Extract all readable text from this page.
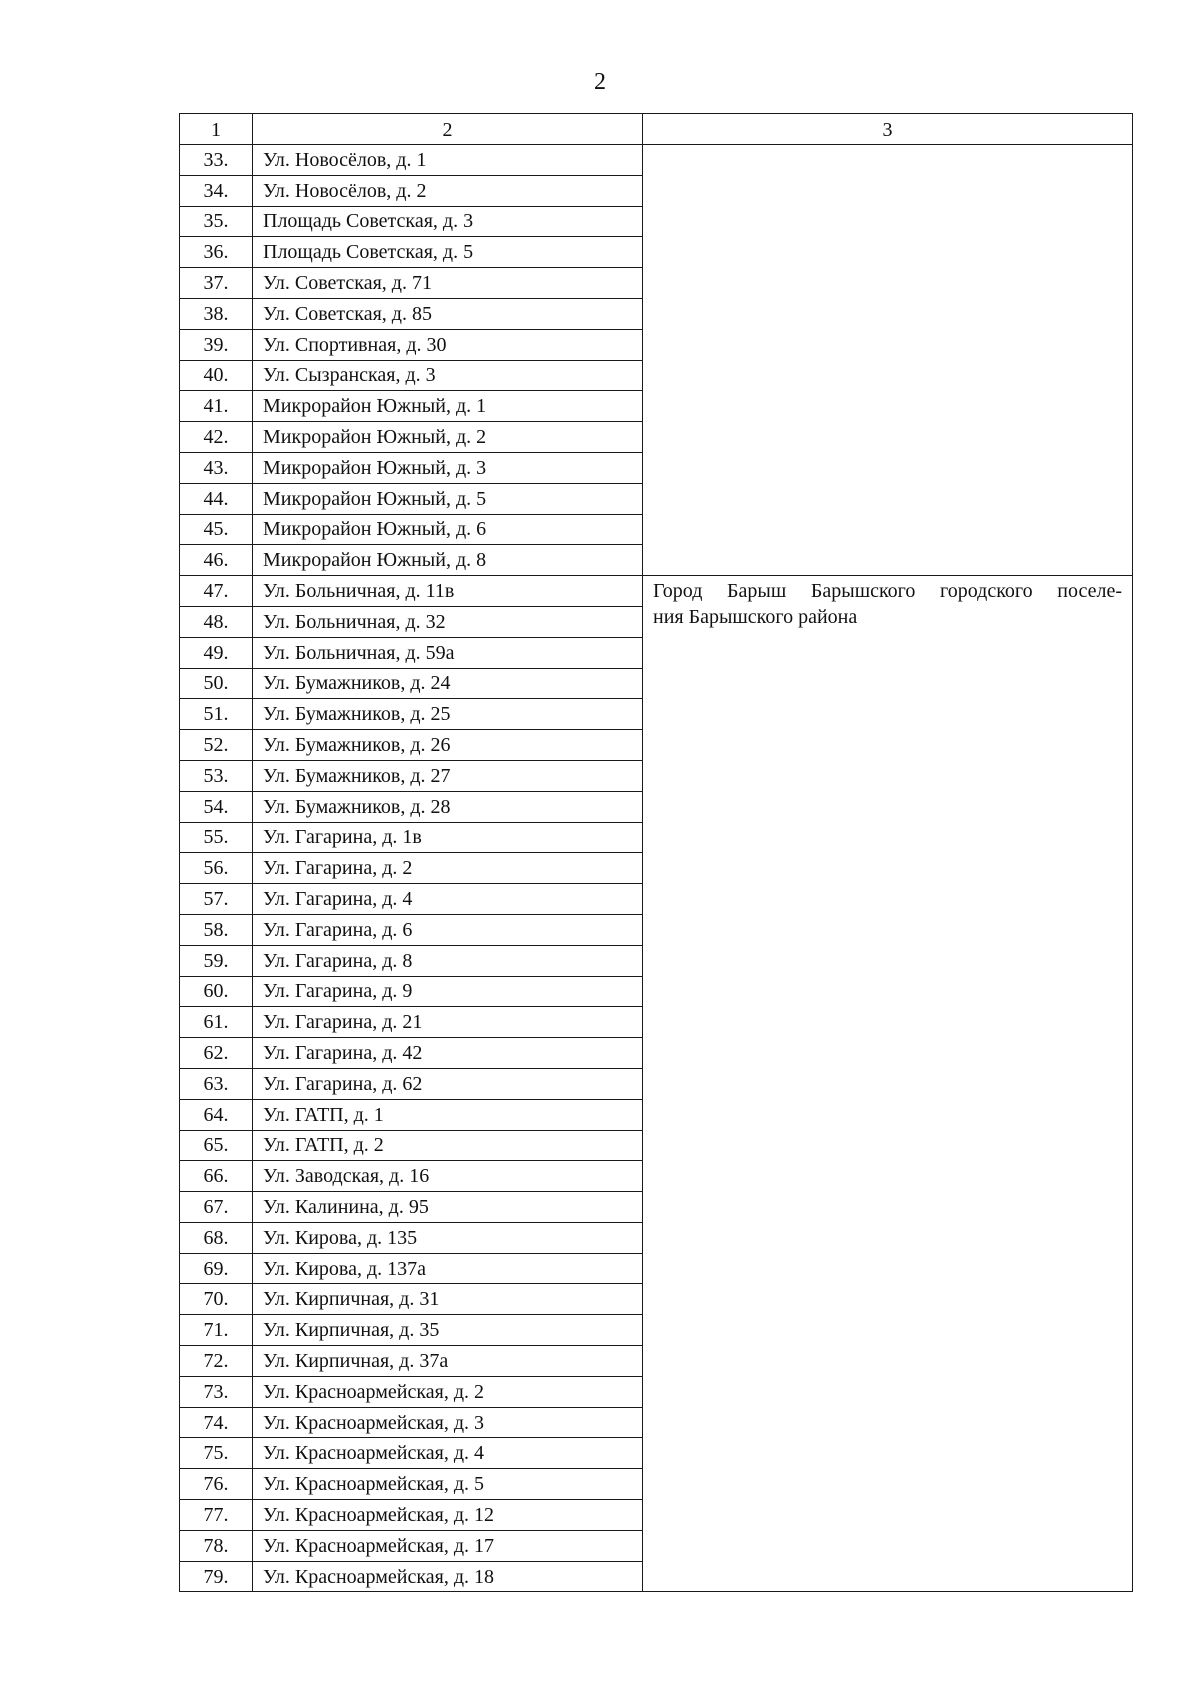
2
1	2	3
33.	Ул. Новосёлов, д. 1	
34.	Ул. Новосёлов, д. 2	
35.	Площадь Советская, д. 3	
36.	Площадь Советская, д. 5	
37.	Ул. Советская, д. 71	
38.	Ул. Советская, д. 85	
39.	Ул. Спортивная, д. 30	
40.	Ул. Сызранская, д. 3	
41.	Микрорайон Южный, д. 1	
42.	Микрорайон Южный, д. 2	
43.	Микрорайон Южный, д. 3	
44.	Микрорайон Южный, д. 5	
45.	Микрорайон Южный, д. 6	
46.	Микрорайон Южный, д. 8	
47.	Ул. Больничная, д. 11в	Город Барыш Барышского городского поселе-
ния Барышского района

48.	Ул. Больничная, д. 32	
49.	Ул. Больничная, д. 59а	
50.	Ул. Бумажников, д. 24	
51.	Ул. Бумажников, д. 25	
52.	Ул. Бумажников, д. 26	
53.	Ул. Бумажников, д. 27	
54.	Ул. Бумажников, д. 28	
55.	Ул. Гагарина, д. 1в	
56.	Ул. Гагарина, д. 2	
57.	Ул. Гагарина, д. 4	
58.	Ул. Гагарина, д. 6	
59.	Ул. Гагарина, д. 8	
60.	Ул. Гагарина, д. 9	
61.	Ул. Гагарина, д. 21	
62.	Ул. Гагарина, д. 42	
63.	Ул. Гагарина, д. 62	
64.	Ул. ГАТП, д. 1	
65.	Ул. ГАТП, д. 2	
66.	Ул. Заводская, д. 16	
67.	Ул. Калинина, д. 95	
68.	Ул. Кирова, д. 135	
69.	Ул. Кирова, д. 137а	
70.	Ул. Кирпичная, д. 31	
71.	Ул. Кирпичная, д. 35	
72.	Ул. Кирпичная, д. 37а	
73.	Ул. Красноармейская, д. 2	
74.	Ул. Красноармейская, д. 3	
75.	Ул. Красноармейская, д. 4	
76.	Ул. Красноармейская, д. 5	
77.	Ул. Красноармейская, д. 12	
78.	Ул. Красноармейская, д. 17	
79.	Ул. Красноармейская, д. 18	
